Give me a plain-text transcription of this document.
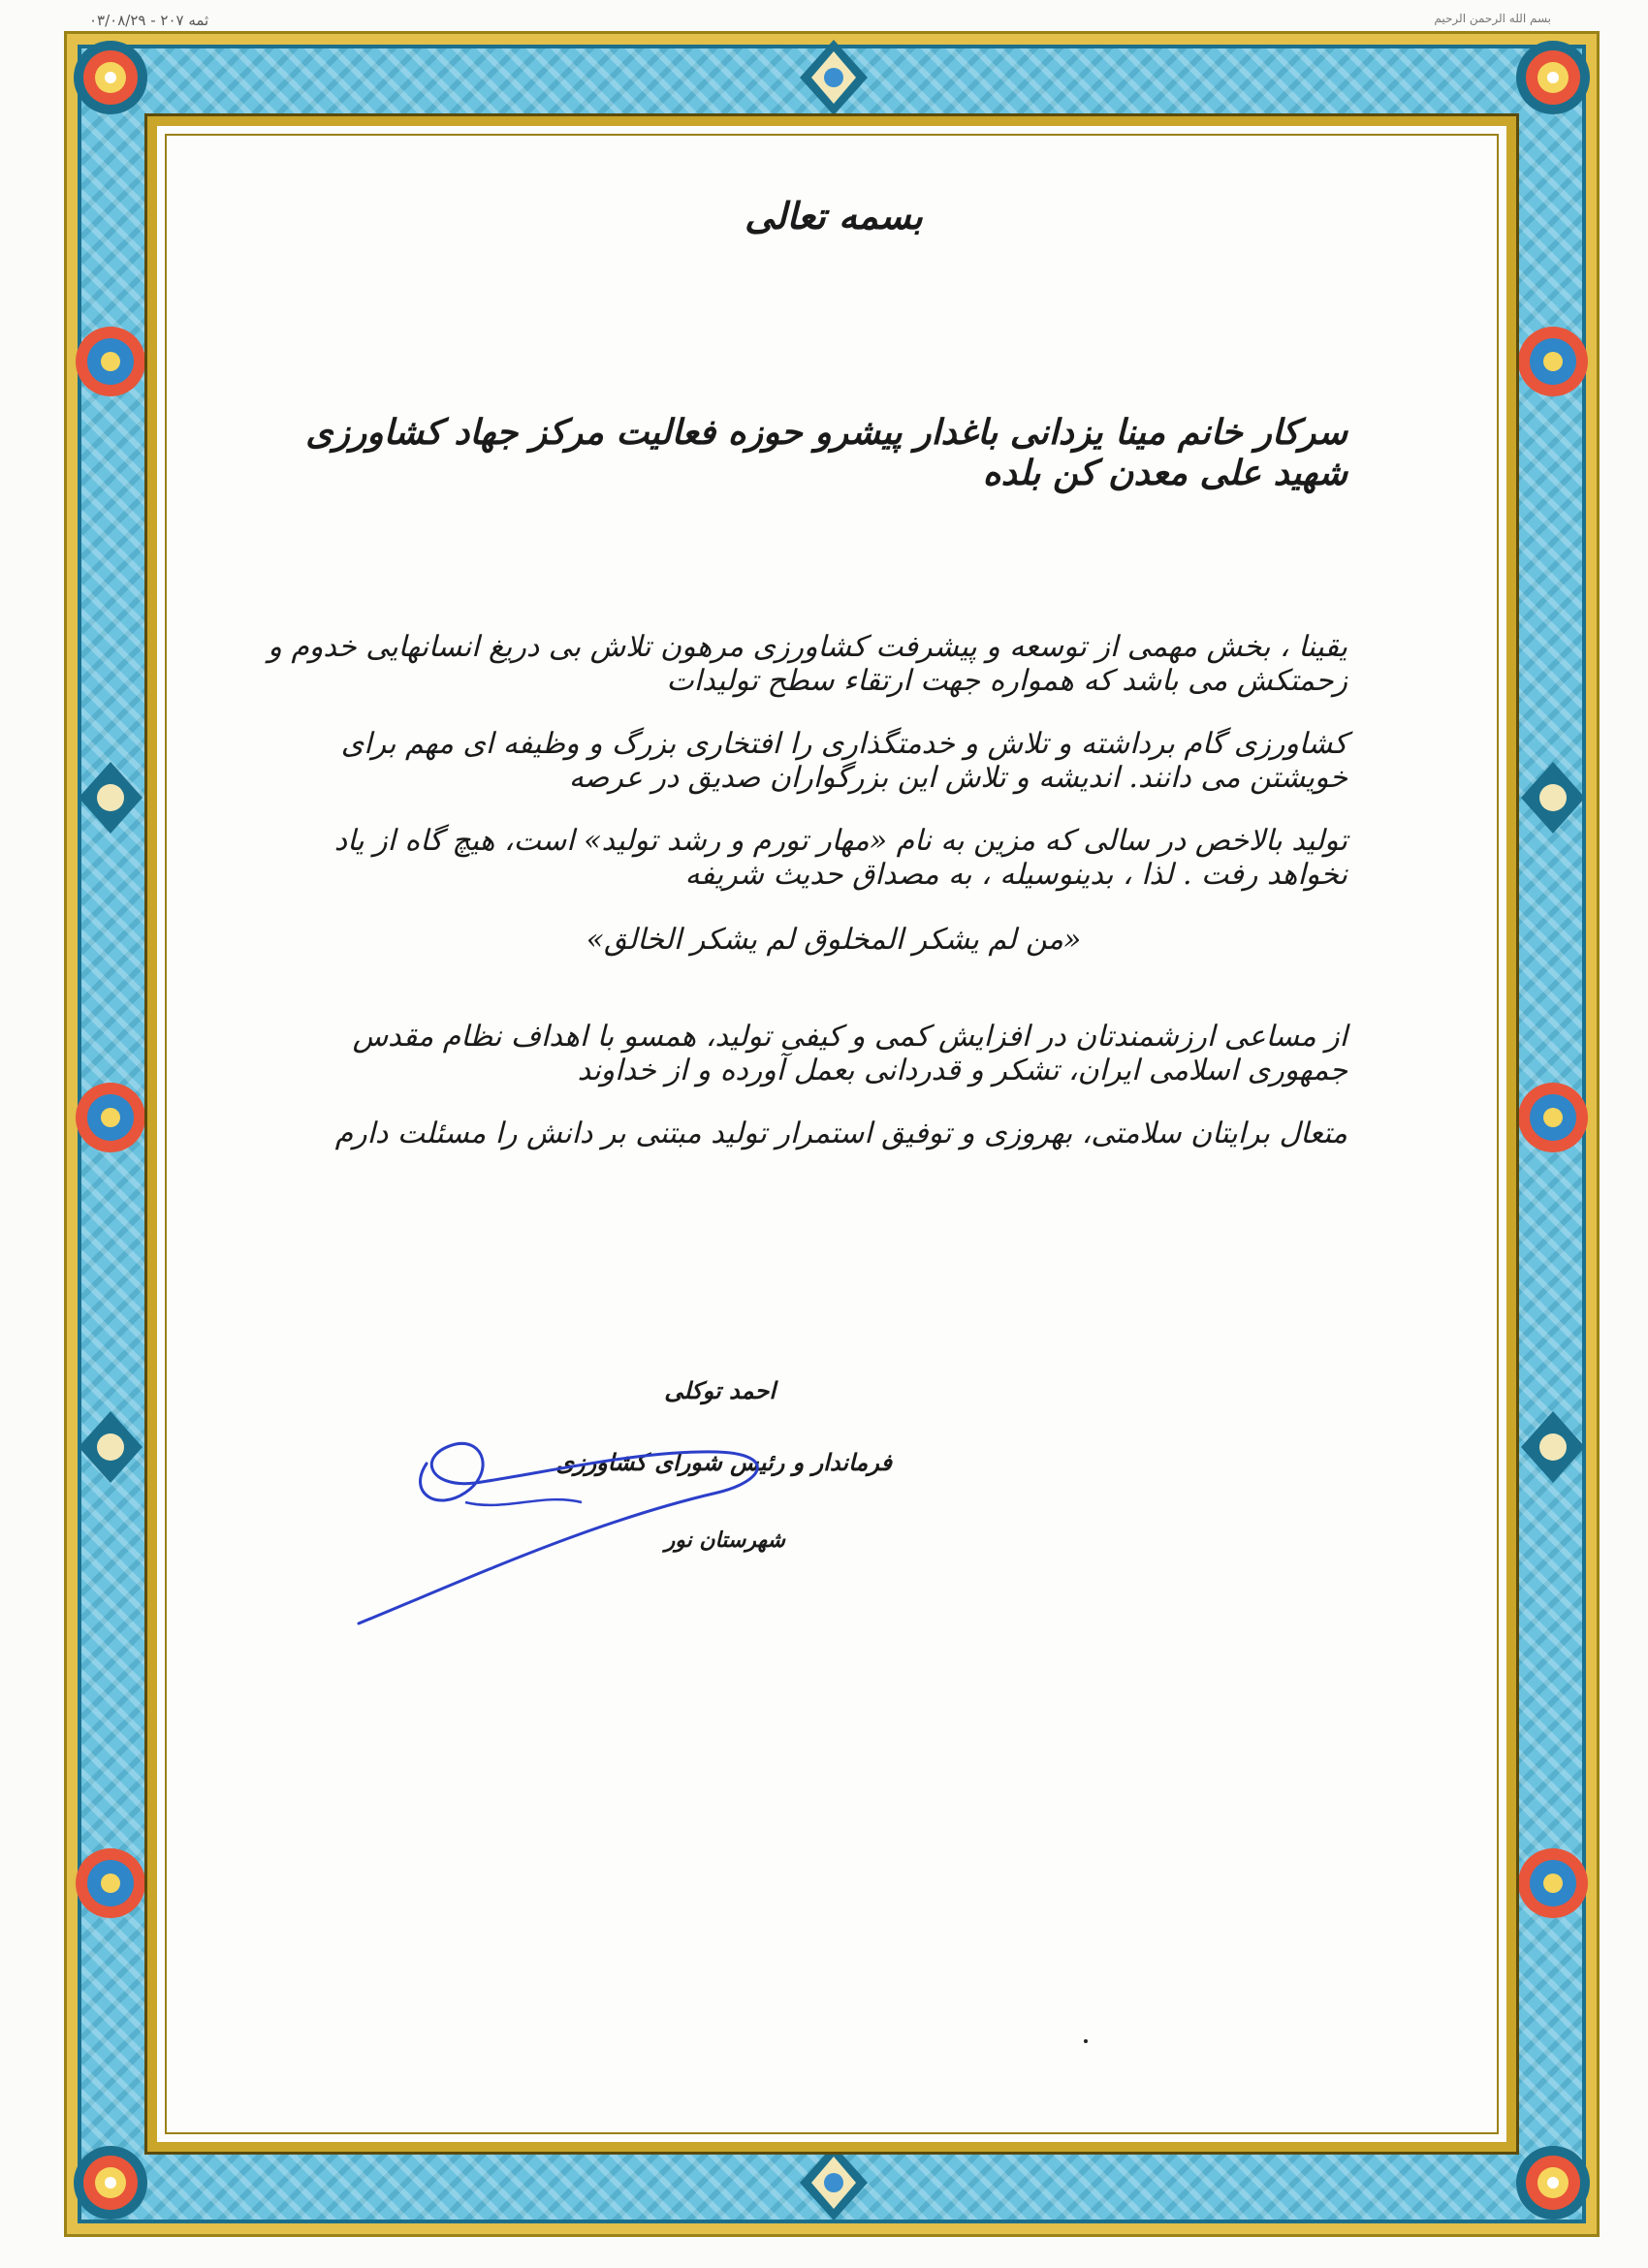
ثمه ۲۰۷ - ۰۳/۰۸/۲۹	بسم الله الرحمن الرحیم
بسمه تعالی
سرکار خانم مینا یزدانی باغدار پیشرو حوزه فعالیت مرکز جهاد کشاورزی شهید علی معدن کن بلده
یقینا ، بخش مهمی از توسعه و پیشرفت کشاورزی مرهون تلاش بی دریغ انسانهایی خدوم و زحمتکش می باشد که همواره جهت ارتقاء سطح تولیدات
کشاورزی گام برداشته و تلاش و خدمتگذاری را افتخاری بزرگ و وظیفه ای مهم برای خویشتن می دانند. اندیشه و تلاش این بزرگواران صدیق در عرصه
تولید بالاخص در سالی که مزین به نام «مهار تورم و رشد تولید» است، هیچ گاه از یاد نخواهد رفت . لذا ، بدینوسیله ، به مصداق حدیث شریفه
«من لم یشکر المخلوق لم یشکر الخالق»
از مساعی ارزشمندتان در افزایش کمی و کیفی تولید، همسو با اهداف نظام مقدس جمهوری اسلامی ایران، تشکر و قدردانی بعمل آورده و از خداوند
متعال برایتان سلامتی، بهروزی و توفیق استمرار تولید مبتنی بر دانش را مسئلت دارم
احمد توکلی
فرماندار و رئیس شورای کشاورزی
شهرستان نور
